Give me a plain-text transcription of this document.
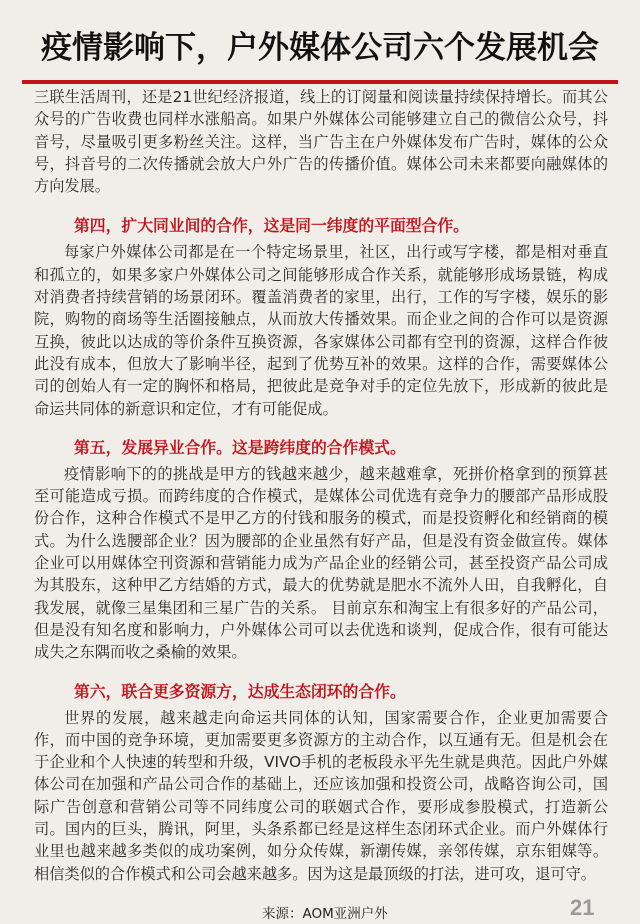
疫情影响下，户外媒体公司六个发展机会

三联生活周刊，还是21世纪经济报道，线上的订阅量和阅读量持续保持增长。而其公众号的广告收费也同样水涨船高。如果户外媒体公司能够建立自己的微信公众号，抖音号，尽量吸引更多粉丝关注。这样，当广告主在户外媒体发布广告时，媒体的公众号，抖音号的二次传播就会放大户外广告的传播价值。媒体公司未来都要向融媒体的方向发展。

第四，扩大同业间的合作，这是同一纬度的平面型合作。

每家户外媒体公司都是在一个特定场景里，社区，出行或写字楼，都是相对垂直和孤立的，如果多家户外媒体公司之间能够形成合作关系，就能够形成场景链，构成对消费者持续营销的场景闭环。覆盖消费者的家里，出行，工作的写字楼，娱乐的影院，购物的商场等生活圈接触点，从而放大传播效果。而企业之间的合作可以是资源互换，彼此以达成的等价条件互换资源，各家媒体公司都有空刊的资源，这样合作彼此没有成本，但放大了影响半径，起到了优势互补的效果。这样的合作，需要媒体公司的创始人有一定的胸怀和格局，把彼此是竞争对手的定位先放下，形成新的彼此是命运共同体的新意识和定位，才有可能促成。

第五，发展异业合作。这是跨纬度的合作模式。

疫情影响下的的挑战是甲方的钱越来越少，越来越难拿，死拼价格拿到的预算甚至可能造成亏损。而跨纬度的合作模式，是媒体公司优选有竞争力的腰部产品形成股份合作，这种合作模式不是甲乙方的付钱和服务的模式，而是投资孵化和经销商的模式。为什么选腰部企业？因为腰部的企业虽然有好产品，但是没有资金做宣传。媒体企业可以用媒体空刊资源和营销能力成为产品企业的经销公司，甚至投资产品公司成为其股东，这种甲乙方结婚的方式，最大的优势就是肥水不流外人田，自我孵化，自我发展，就像三星集团和三星广告的关系。 目前京东和淘宝上有很多好的产品公司，但是没有知名度和影响力，户外媒体公司可以去优选和谈判，促成合作，很有可能达成失之东隅而收之桑榆的效果。

第六，联合更多资源方，达成生态闭环的合作。

世界的发展，越来越走向命运共同体的认知，国家需要合作，企业更加需要合作，而中国的竞争环境，更加需要更多资源方的主动合作，以互通有无。但是机会在于企业和个人快速的转型和升级，VIVO手机的老板段永平先生就是典范。因此户外媒体公司在加强和产品公司合作的基础上，还应该加强和投资公司，战略咨询公司，国际广告创意和营销公司等不同纬度公司的联姻式合作，要形成参股模式，打造新公司。国内的巨头，腾讯，阿里，头条系都已经是这样生态闭环式企业。而户外媒体行业里也越来越多类似的成功案例，如分众传媒，新潮传媒，亲邻传媒，京东钼媒等。相信类似的合作模式和公司会越来越多。因为这是最顶级的打法，进可攻，退可守。

来源：AOM亚洲户外	21
